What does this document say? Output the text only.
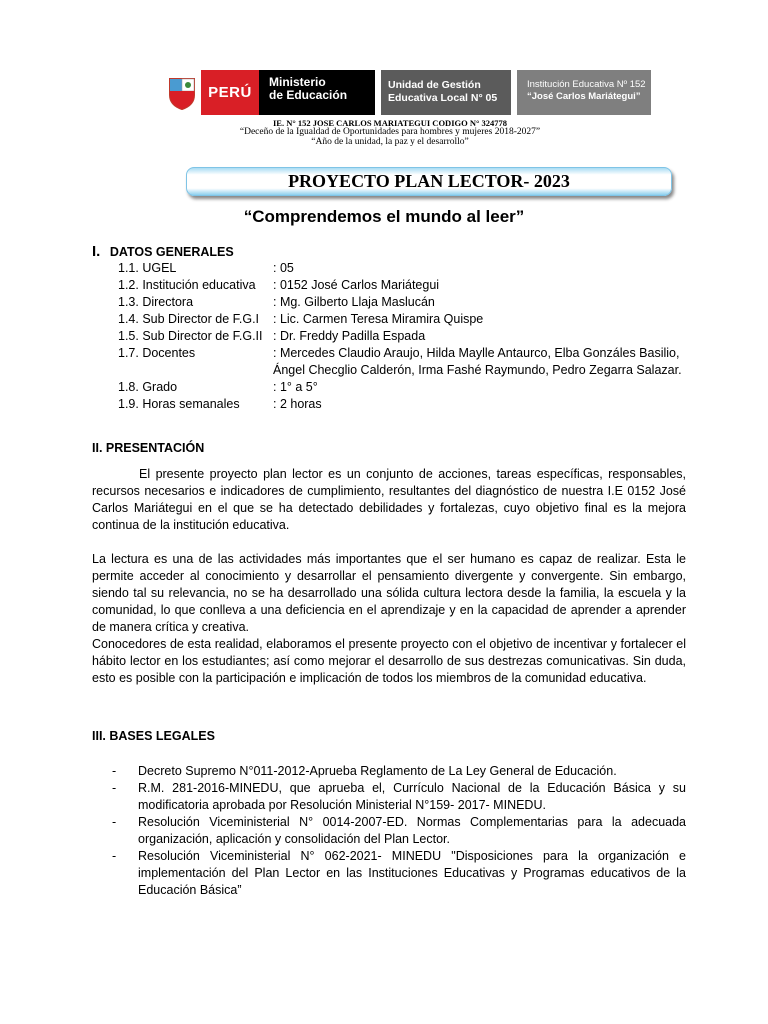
PERÚ
Ministerio
de Educación
Unidad de Gestión
Educativa Local N° 05
Institución Educativa Nº 152
“José Carlos Mariátegui”
IE. N° 152 JOSE CARLOS MARIATEGUI CODIGO N° 324778
“Deceño de la Igualdad de Oportunidades para hombres y mujeres 2018-2027”
“Año de la unidad, la paz y el desarrollo”
PROYECTO PLAN LECTOR- 2023
“Comprendemos el mundo al leer”
I. DATOS GENERALES
1.1. UGEL	: 05
1.2. Institución educativa : 0152 José Carlos Mariátegui
1.3. Directora	: Mg. Gilberto Llaja Maslucán
1.4. Sub Director de F.G.I : Lic. Carmen Teresa Miramira Quispe
1.5. Sub Director de F.G.II : Dr. Freddy Padilla Espada
1.7. Docentes	: Mercedes Claudio Araujo, Hilda Maylle Antaurco, Elba Gonzáles Basilio,
Ángel Checglio Calderón, Irma Fashé Raymundo, Pedro Zegarra Salazar.
1.8. Grado	: 1° a 5°
1.9. Horas semanales	: 2 horas
II. PRESENTACIÓN
El presente proyecto plan lector es un conjunto de acciones, tareas específicas, responsables, recursos necesarios e indicadores de cumplimiento, resultantes del diagnóstico de nuestra I.E 0152 José Carlos Mariátegui en el que se ha detectado debilidades y fortalezas, cuyo objetivo final es la mejora continua de la institución educativa.
La lectura es una de las actividades más importantes que el ser humano es capaz de realizar. Esta le permite acceder al conocimiento y desarrollar el pensamiento divergente y convergente. Sin embargo, siendo tal su relevancia, no se ha desarrollado una sólida cultura lectora desde la familia, la escuela y la comunidad, lo que conlleva a una deficiencia en el aprendizaje y en la capacidad de aprender a aprender de manera crítica y creativa.
Conocedores de esta realidad, elaboramos el presente proyecto con el objetivo de incentivar y fortalecer el hábito lector en los estudiantes; así como mejorar el desarrollo de sus destrezas comunicativas. Sin duda, esto es posible con la participación e implicación de todos los miembros de la comunidad educativa.
III. BASES LEGALES
- Decreto Supremo N°011-2012-Aprueba Reglamento de La Ley General de Educación.
- R.M. 281-2016-MINEDU, que aprueba el, Currículo Nacional de la Educación Básica y su modificatoria aprobada por Resolución Ministerial N°159- 2017- MINEDU.
- Resolución Viceministerial N° 0014-2007-ED. Normas Complementarias para la adecuada organización, aplicación y consolidación del Plan Lector.
- Resolución Viceministerial N° 062-2021- MINEDU "Disposiciones para la organización e implementación del Plan Lector en las Instituciones Educativas y Programas educativos de la Educación Básica”
